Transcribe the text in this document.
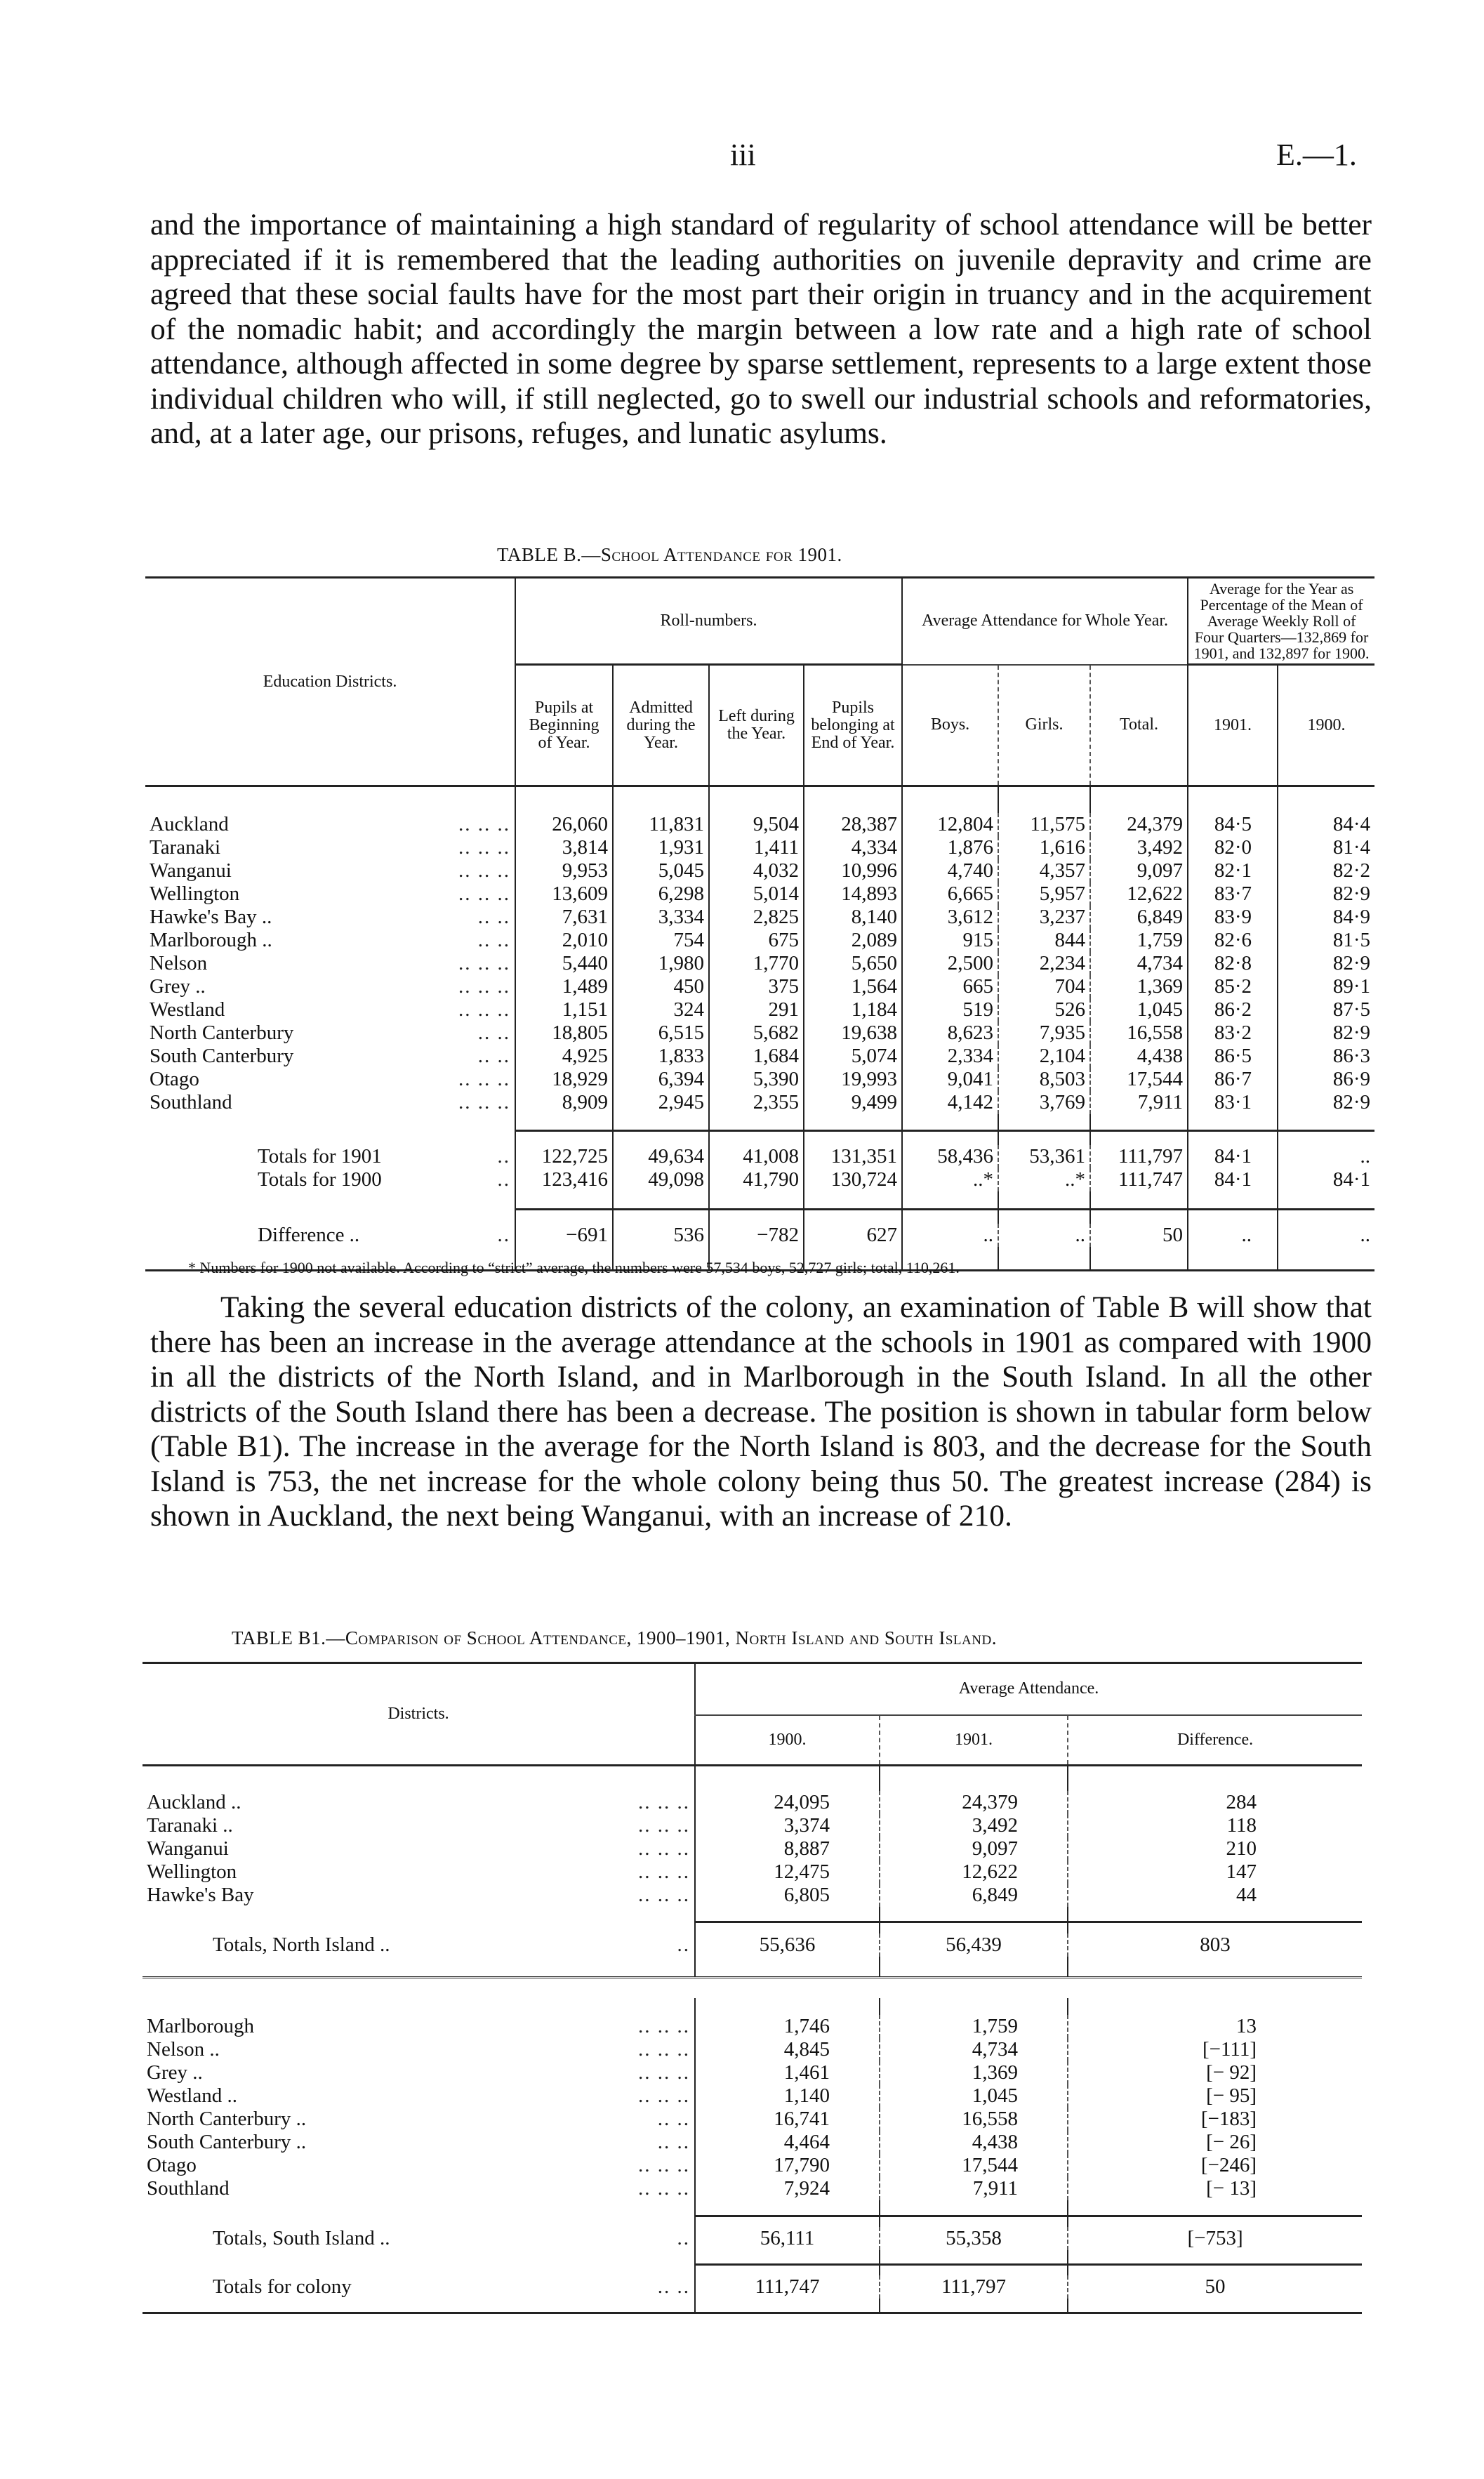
iii	E.—1.

and the importance of maintaining a high standard of regularity of school attendance will be better appreciated if it is remembered that the leading authorities on juvenile depravity and crime are agreed that these social faults have for the most part their origin in truancy and in the acquirement of the nomadic habit; and accordingly the margin between a low rate and a high rate of school attendance, although affected in some degree by sparse settlement, represents to a large extent those individual children who will, if still neglected, go to swell our industrial schools and reformatories, and, at a later age, our prisons, refuges, and lunatic asylums.

TABLE B.—School Attendance for 1901.
Education Districts.		Roll-numbers.				Average Attendance for Whole Year.			Average for the Year as Percentage of the Mean of Average Weekly Roll of Four Quarters—132,869 for 1901, and 132,897 for 1900.	
		Pupils at Beginning of Year.	Admitted during the Year.	Left during the Year.	Pupils belonging at End of Year.	Boys.	Girls.	Total.	1901.	1900.

Auckland	.. .. ..	26,060	11,831	9,504	28,387	12,804	11,575	24,379	84·5	84·4
Taranaki	.. .. ..	3,814	1,931	1,411	4,334	1,876	1,616	3,492	82·0	81·4
Wanganui	.. .. ..	9,953	5,045	4,032	10,996	4,740	4,357	9,097	82·1	82·2
Wellington	.. .. ..	13,609	6,298	5,014	14,893	6,665	5,957	12,622	83·7	82·9
Hawke's Bay ..	.. ..	7,631	3,334	2,825	8,140	3,612	3,237	6,849	83·9	84·9
Marlborough ..	.. ..	2,010	754	675	2,089	915	844	1,759	82·6	81·5
Nelson	.. .. ..	5,440	1,980	1,770	5,650	2,500	2,234	4,734	82·8	82·9
Grey ..	.. .. ..	1,489	450	375	1,564	665	704	1,369	85·2	89·1
Westland	.. .. ..	1,151	324	291	1,184	519	526	1,045	86·2	87·5
North Canterbury	.. ..	18,805	6,515	5,682	19,638	8,623	7,935	16,558	83·2	82·9
South Canterbury	.. ..	4,925	1,833	1,684	5,074	2,334	2,104	4,438	86·5	86·3
Otago	.. .. ..	18,929	6,394	5,390	19,993	9,041	8,503	17,544	86·7	86·9
Southland	.. .. ..	8,909	2,945	2,355	9,499	4,142	3,769	7,911	83·1	82·9

Totals for 1901	..	122,725	49,634	41,008	131,351	58,436	53,361	111,797	84·1	..
Totals for 1900	..	123,416	49,098	41,790	130,724	..*	..*	111,747	84·1	84·1

Difference ..	..	−691	536	−782	627	..	..	50	..	..

* Numbers for 1900 not available. According to “strict” average, the numbers were 57,534 boys, 52,727 girls; total, 110,261.

Taking the several education districts of the colony, an examination of Table B will show that there has been an increase in the average attendance at the schools in 1901 as compared with 1900 in all the districts of the North Island, and in Marlborough in the South Island. In all the other districts of the South Island there has been a decrease. The position is shown in tabular form below (Table B1). The increase in the average for the North Island is 803, and the decrease for the South Island is 753, the net increase for the whole colony being thus 50. The greatest increase (284) is shown in Auckland, the next being Wanganui, with an increase of 210.

TABLE B1.—Comparison of School Attendance, 1900–1901, North Island and South Island.
Districts.		Average Attendance.		
		1900.	1901.	Difference.

Auckland ..	.. .. ..	24,095	24,379	284
Taranaki ..	.. .. ..	3,374	3,492	118
Wanganui	.. .. ..	8,887	9,097	210
Wellington	.. .. ..	12,475	12,622	147
Hawke's Bay	.. .. ..	6,805	6,849	44

Totals, North Island ..	..	55,636	56,439	803

Marlborough	.. .. ..	1,746	1,759	13
Nelson ..	.. .. ..	4,845	4,734	[−111]
Grey ..	.. .. ..	1,461	1,369	[− 92]
Westland ..	.. .. ..	1,140	1,045	[− 95]
North Canterbury ..	.. ..	16,741	16,558	[−183]
South Canterbury ..	.. ..	4,464	4,438	[− 26]
Otago	.. .. ..	17,790	17,544	[−246]
Southland	.. .. ..	7,924	7,911	[− 13]

Totals, South Island ..	..	56,111	55,358	[−753]

Totals for colony	.. ..	111,747	111,797	50
